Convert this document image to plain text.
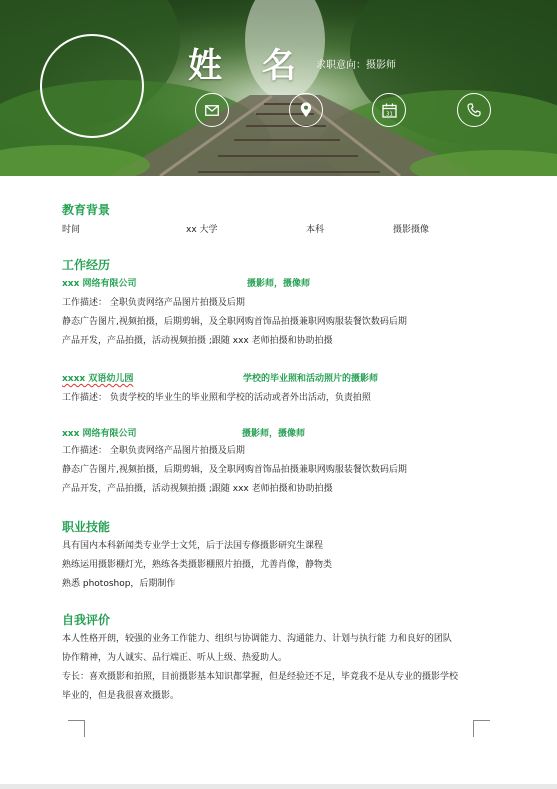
姓 名 求职意向：摄影师
31
教育背景
时间	xx 大学	本科	摄影摄像
工作经历
xxx 网络有限公司	摄影师，摄像师
工作描述： 全职负责网络产品图片拍摄及后期
静态广告图片,视频拍摄，后期剪辑，及全职网购首饰品拍摄兼职网购服装餐饮数码后期
产品开发，产品拍摄，活动视频拍摄 ;跟随 xxx 老师拍摄和协助拍摄
xxxx 双语幼儿园	学校的毕业照和活动照片的摄影师
工作描述： 负责学校的毕业生的毕业照和学校的活动或者外出活动，负责拍照
xxx 网络有限公司	摄影师，摄像师
工作描述： 全职负责网络产品图片拍摄及后期
静态广告图片,视频拍摄，后期剪辑，及全职网购首饰品拍摄兼职网购服装餐饮数码后期
产品开发，产品拍摄，活动视频拍摄 ;跟随 xxx 老师拍摄和协助拍摄
职业技能
具有国内本科新闻类专业学士文凭，后于法国专修摄影研究生课程
熟练运用摄影棚灯光，熟练各类摄影棚照片拍摄，尤善肖像，静物类
熟悉 photoshop，后期制作
自我评价
本人性格开朗，较强的业务工作能力、组织与协调能力、沟通能力、计划与执行能 力和良好的团队
协作精神，为人诚实、品行端正、听从上级、热爱助人。
专长：喜欢摄影和拍照，目前摄影基本知识都掌握，但是经验还不足，毕竟我不是从专业的摄影学校
毕业的，但是我很喜欢摄影。
